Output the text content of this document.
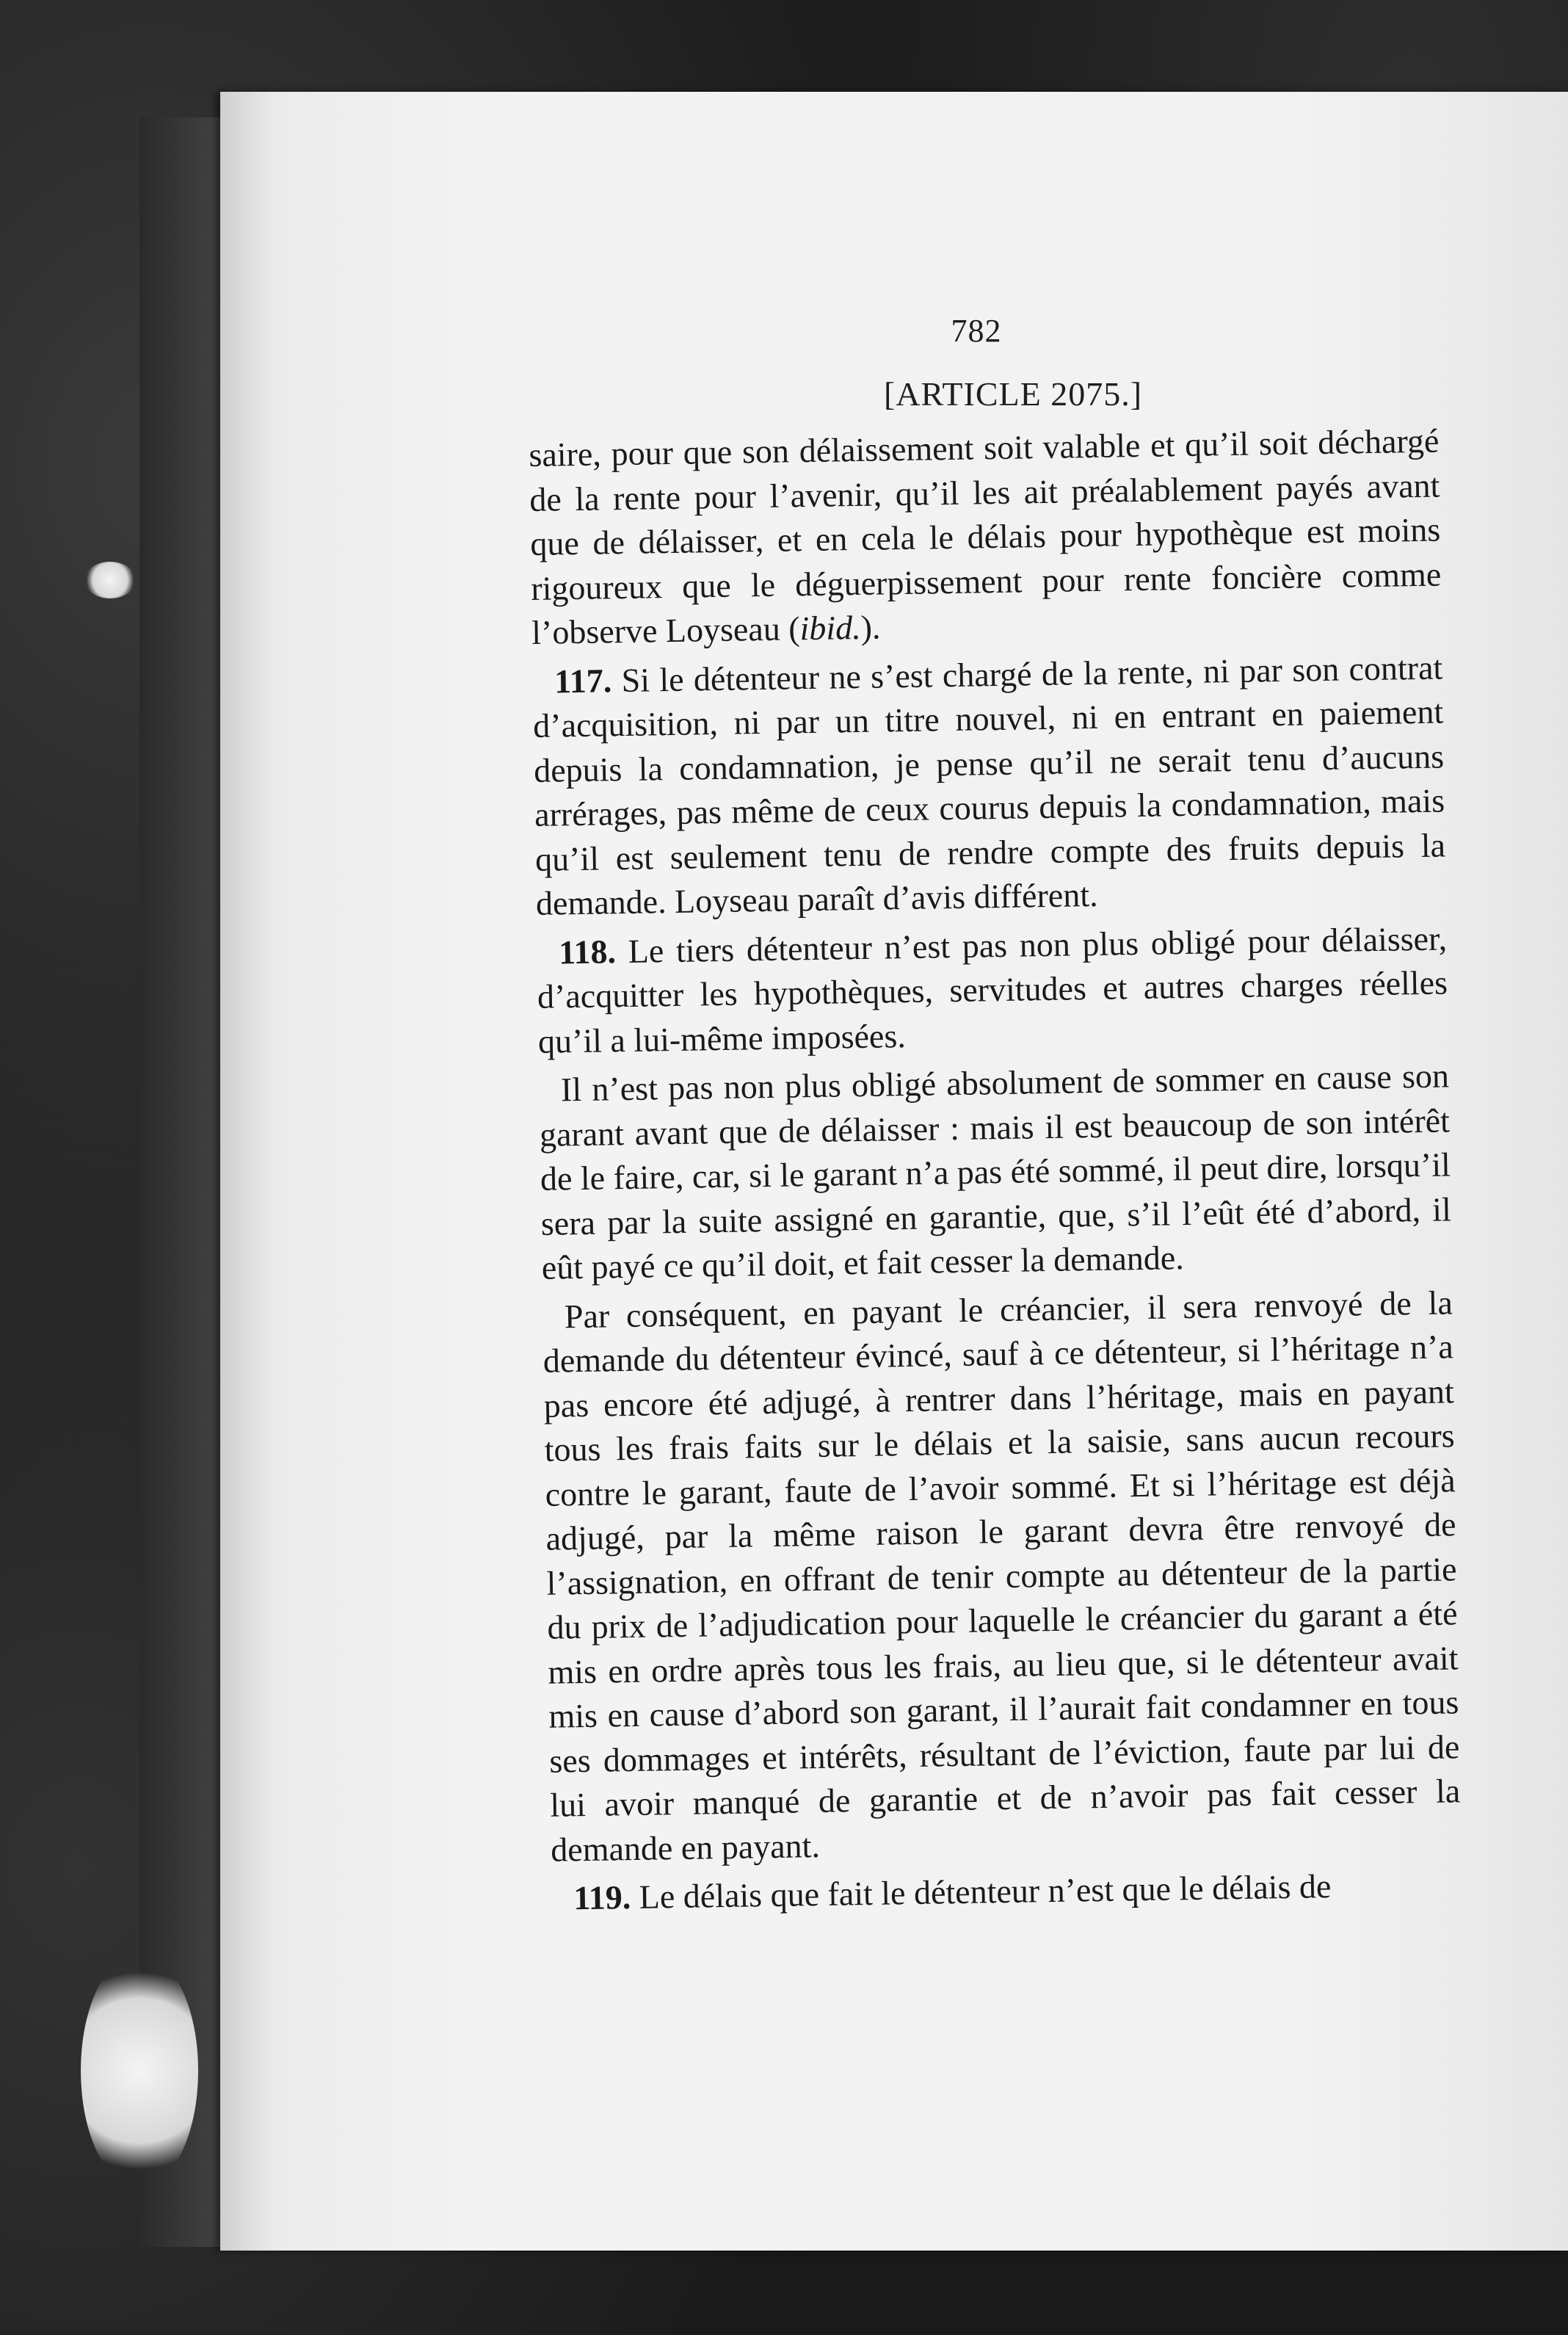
782
[ARTICLE 2075.]

saire, pour que son délaissement soit valable et qu’il soit déchargé de la rente pour l’avenir, qu’il les ait préalablement payés avant que de délaisser, et en cela le délais pour hypothèque est moins rigoureux que le déguerpissement pour rente foncière comme l’observe Loyseau (ibid.).

117. Si le détenteur ne s’est chargé de la rente, ni par son contrat d’acquisition, ni par un titre nouvel, ni en entrant en paiement depuis la condamnation, je pense qu’il ne serait tenu d’aucuns arrérages, pas même de ceux courus depuis la condamnation, mais qu’il est seulement tenu de rendre compte des fruits depuis la demande. Loyseau paraît d’avis différent.

118. Le tiers détenteur n’est pas non plus obligé pour délaisser, d’acquitter les hypothèques, servitudes et autres charges réelles qu’il a lui-même imposées.

Il n’est pas non plus obligé absolument de sommer en cause son garant avant que de délaisser : mais il est beaucoup de son intérêt de le faire, car, si le garant n’a pas été sommé, il peut dire, lorsqu’il sera par la suite assigné en garantie, que, s’il l’eût été d’abord, il eût payé ce qu’il doit, et fait cesser la demande.

Par conséquent, en payant le créancier, il sera renvoyé de la demande du détenteur évincé, sauf à ce détenteur, si l’héritage n’a pas encore été adjugé, à rentrer dans l’héritage, mais en payant tous les frais faits sur le délais et la saisie, sans aucun recours contre le garant, faute de l’avoir sommé. Et si l’héritage est déjà adjugé, par la même raison le garant devra être renvoyé de l’assignation, en offrant de tenir compte au détenteur de la partie du prix de l’adjudication pour laquelle le créancier du garant a été mis en ordre après tous les frais, au lieu que, si le détenteur avait mis en cause d’abord son garant, il l’aurait fait condamner en tous ses dommages et intérêts, résultant de l’éviction, faute par lui de lui avoir manqué de garantie et de n’avoir pas fait cesser la demande en payant.

119. Le délais que fait le détenteur n’est que le délais de
